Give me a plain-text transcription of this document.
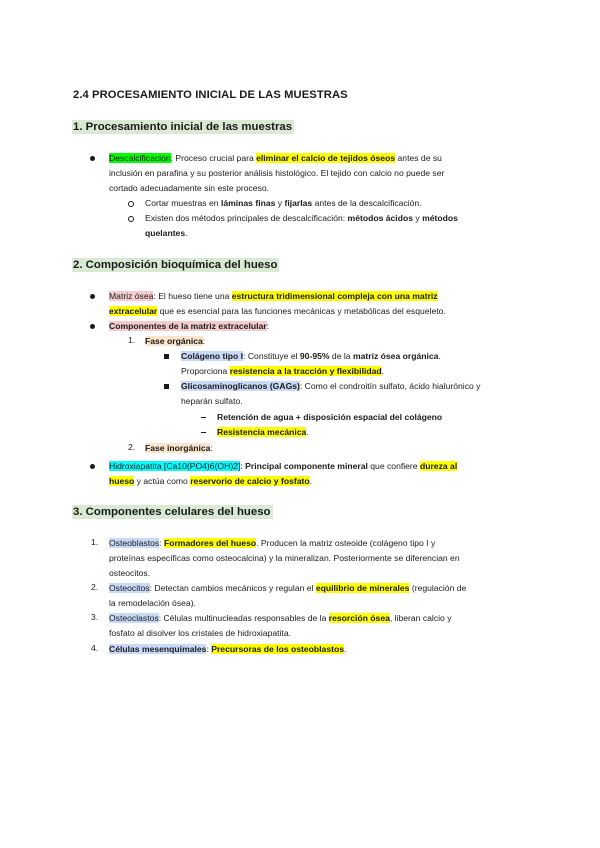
2.4 PROCESAMIENTO INICIAL DE LAS MUESTRAS
1. Procesamiento inicial de las muestras
Descalcificación: Proceso crucial para eliminar el calcio de tejidos óseos antes de su
inclusión en parafina y su posterior análisis histológico. El tejido con calcio no puede ser
cortado adecuadamente sin este proceso.
Cortar muestras en láminas finas y fijarlas antes de la descalcificación.
Existen dos métodos principales de descalcificación: métodos ácidos y métodos
quelantes.
2. Composición bioquímica del hueso
Matriz ósea: El hueso tiene una estructura tridimensional compleja con una matriz
extracelular que es esencial para las funciones mecánicas y metabólicas del esqueleto.
Componentes de la matriz extracelular:
1. Fase orgánica:
Colágeno tipo I: Constituye el 90-95% de la matriz ósea orgánica.
Proporciona resistencia a la tracción y flexibilidad.
Glicosaminoglicanos (GAGs): Como el condroitín sulfato, ácido hialurónico y
heparán sulfato.
Retención de agua + disposición espacial del colágeno
Resistencia mecánica.
2. Fase inorgánica:
Hidroxiapatita [Ca10(PO4)6(OH)2]: Principal componente mineral que confiere dureza al
hueso y actúa como reservorio de calcio y fosfato.
3. Componentes celulares del hueso
1. Osteoblastos: Formadores del hueso. Producen la matriz osteoide (colágeno tipo I y
proteínas específicas como osteocalcina) y la mineralizan. Posteriormente se diferencian en
osteocitos.
2. Osteocitos: Detectan cambios mecánicos y regulan el equilibrio de minerales (regulación de
la remodelación ósea).
3. Osteoclastos: Células multinucleadas responsables de la resorción ósea, liberan calcio y
fosfato al disolver los cristales de hidroxiapatita.
4. Células mesenquimales: Precursoras de los osteoblastos.
